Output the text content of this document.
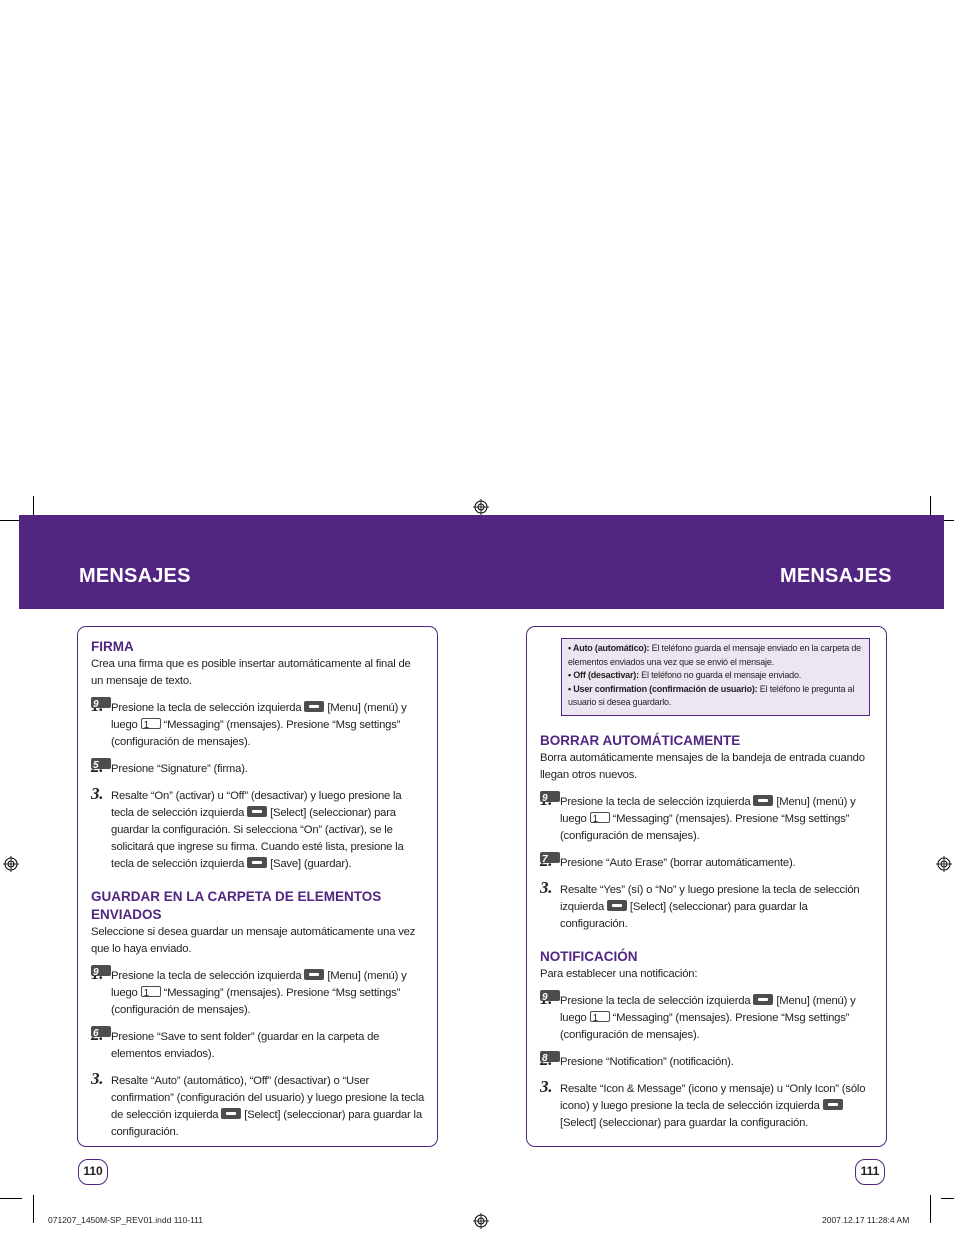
MENSAJES	MENSAJES

FIRMA

Crea una firma que es posible insertar automáticamente al final de un mensaje de texto.

Presione la tecla de selección izquierda  [Menu] (menú) y luego 1 “Messaging” (mensajes). Presione
9
“Msg settings” (configuración de mensajes).
Presione
5
“Signature” (firma).
3. Resalte “On” (activar) u “Off” (desactivar) y luego presione la tecla de selección izquierda  [Select] (seleccionar) para guardar la configuración. Si selecciona “On” (activar), se le solicitará que ingrese su firma. Cuando esté lista, presione la tecla de selección izquierda  [Save] (guardar).

GUARDAR EN LA CARPETA DE ELEMENTOS ENVIADOS

Seleccione si desea guardar un mensaje automáticamente una vez que lo haya enviado.

Presione la tecla de selección izquierda  [Menu] (menú) y luego 1 “Messaging” (mensajes). Presione
9
“Msg settings” (configuración de mensajes).
Presione
6
“Save to sent folder” (guardar en la carpeta de elementos enviados).
3. Resalte “Auto” (automático), “Off” (desactivar) o “User confirmation” (configuración del usuario) y luego presione la tecla de selección izquierda  [Select] (seleccionar) para guardar la configuración.
• Auto (automático): El teléfono guarda el mensaje enviado en la carpeta de elementos enviados una vez que se envió el mensaje.
• Off (desactivar): El teléfono no guarda el mensaje enviado.
• User confirmation (confirmación de usuario): El teléfono le pregunta al usuario si desea guardarlo.

BORRAR AUTOMÁTICAMENTE

Borra automáticamente mensajes de la bandeja de entrada cuando llegan otros nuevos.

Presione la tecla de selección izquierda  [Menu] (menú) y luego 1 “Messaging” (mensajes). Presione
9
“Msg settings” (configuración de mensajes).
Presione
7
“Auto Erase” (borrar automáticamente).
3. Resalte “Yes” (sí) o “No” y luego presione la tecla de selección izquierda  [Select] (seleccionar) para guardar la configuración.

NOTIFICACIÓN

Para establecer una notificación:

Presione la tecla de selección izquierda  [Menu] (menú) y luego 1 “Messaging” (mensajes). Presione
9
“Msg settings” (configuración de mensajes).
Presione
8
“Notification” (notificación).
3. Resalte “Icon & Message” (icono y mensaje) u “Only Icon” (sólo icono) y luego presione la tecla de selección izquierda  [Select] (seleccionar) para guardar la configuración.
110	111
071207_1450M-SP_REV01.indd 110-111	2007.12.17 11:28:4 AM
